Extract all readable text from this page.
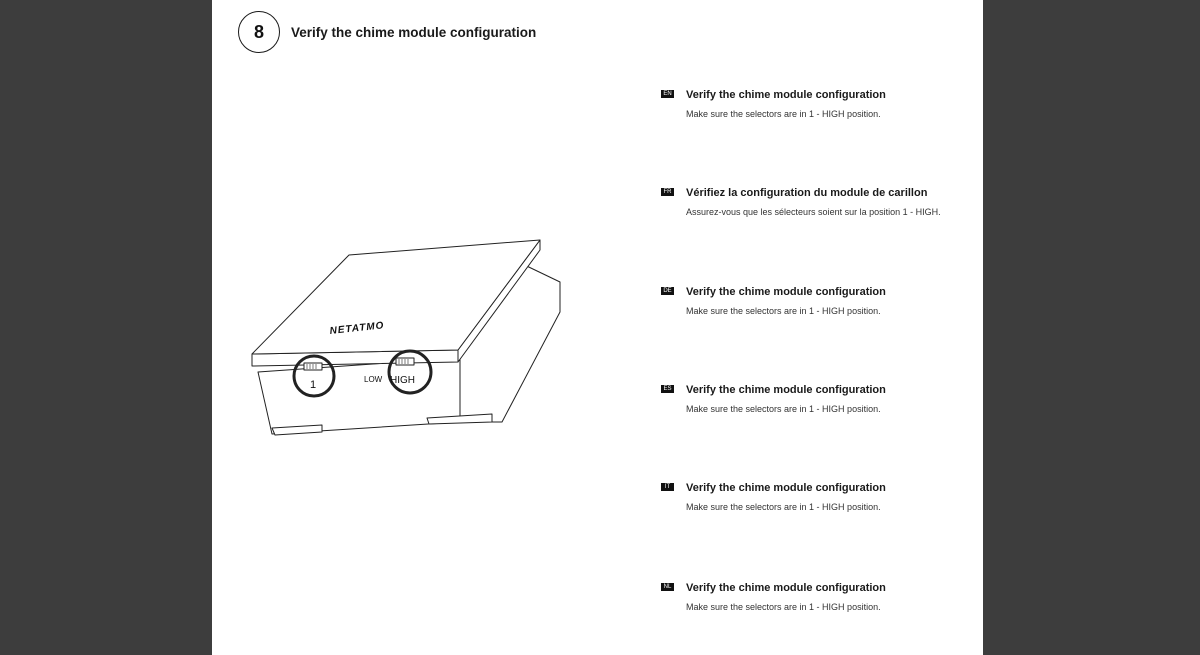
8 Verify the chime module configuration
NETATMO
1	LOW HIGH
EN Verify the chime module configuration
Make sure the selectors are in 1 - HIGH position.
FR Vérifiez la configuration du module de carillon
Assurez-vous que les sélecteurs soient sur la position 1 - HIGH.
DE Verify the chime module configuration
Make sure the selectors are in 1 - HIGH position.
ES Verify the chime module configuration
Make sure the selectors are in 1 - HIGH position.
IT	Verify the chime module configuration
Make sure the selectors are in 1 - HIGH position.
NL Verify the chime module configuration
Make sure the selectors are in 1 - HIGH position.
